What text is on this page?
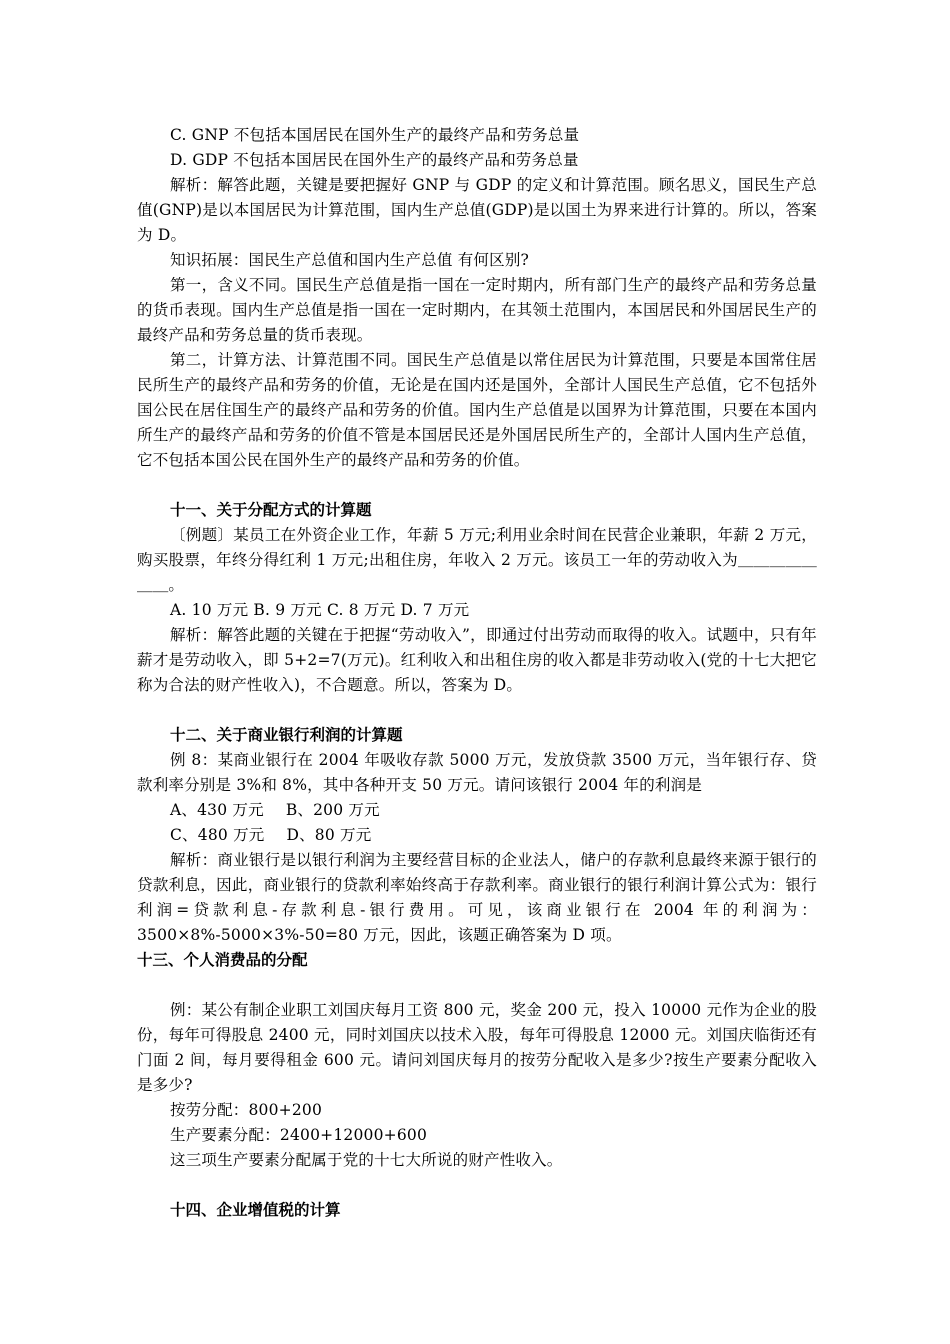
C. GNP 不包括本国居民在国外生产的最终产品和劳务总量

D. GDP 不包括本国居民在国外生产的最终产品和劳务总量

解析：解答此题，关键是要把握好 GNP 与 GDP 的定义和计算范围。顾名思义，国民生产总值(GNP)是以本国居民为计算范围，国内生产总值(GDP)是以国土为界来进行计算的。所以，答案为 D。

知识拓展：国民生产总值和国内生产总值 有何区别?

第一，含义不同。国民生产总值是指一国在一定时期内，所有部门生产的最终产品和劳务总量的货币表现。国内生产总值是指一国在一定时期内，在其领土范围内，本国居民和外国居民生产的最终产品和劳务总量的货币表现。

第二，计算方法、计算范围不同。国民生产总值是以常住居民为计算范围，只要是本国常住居民所生产的最终产品和劳务的价值，无论是在国内还是国外，全部计人国民生产总值，它不包括外国公民在居住国生产的最终产品和劳务的价值。国内生产总值是以国界为计算范围，只要在本国内所生产的最终产品和劳务的价值不管是本国居民还是外国居民所生产的，全部计人国内生产总值，它不包括本国公民在国外生产的最终产品和劳务的价值。

十一、关于分配方式的计算题

〔例题〕某员工在外资企业工作，年薪 5 万元;利用业余时间在民营企业兼职，年薪 2 万元，购买股票，年终分得红利 1 万元;出租住房，年收入 2 万元。该员工一年的劳动收入为＿＿＿＿＿＿＿。

A. 10 万元 B. 9 万元 C. 8 万元 D. 7 万元

解析：解答此题的关键在于把握“劳动收入”，即通过付出劳动而取得的收入。试题中，只有年薪才是劳动收入，即 5+2=7(万元)。红利收入和出租住房的收入都是非劳动收入(党的十七大把它称为合法的财产性收入)，不合题意。所以，答案为 D。

十二、关于商业银行利润的计算题

例 8：某商业银行在 2004 年吸收存款 5000 万元，发放贷款 3500 万元，当年银行存、贷款利率分别是 3%和 8%，其中各种开支 50 万元。请问该银行 2004 年的利润是

A、430 万元 B、200 万元

C、480 万元 D、80 万元

解析：商业银行是以银行利润为主要经营目标的企业法人，储户的存款利息最终来源于银行的贷款利息，因此，商业银行的贷款利率始终高于存款利率。商业银行的银行利润计算公式为：银行利润=贷款利息-存款利息-银行费用。可见，该商业银行在 2004 年的利润为：3500×8%-5000×3%-50=80 万元，因此，该题正确答案为 D 项。

十三、个人消费品的分配

例：某公有制企业职工刘国庆每月工资 800 元，奖金 200 元，投入 10000 元作为企业的股份，每年可得股息 2400 元，同时刘国庆以技术入股，每年可得股息 12000 元。刘国庆临街还有门面 2 间，每月要得租金 600 元。请问刘国庆每月的按劳分配收入是多少?按生产要素分配收入是多少?

按劳分配：800+200

生产要素分配：2400+12000+600

这三项生产要素分配属于党的十七大所说的财产性收入。

十四、企业增值税的计算
